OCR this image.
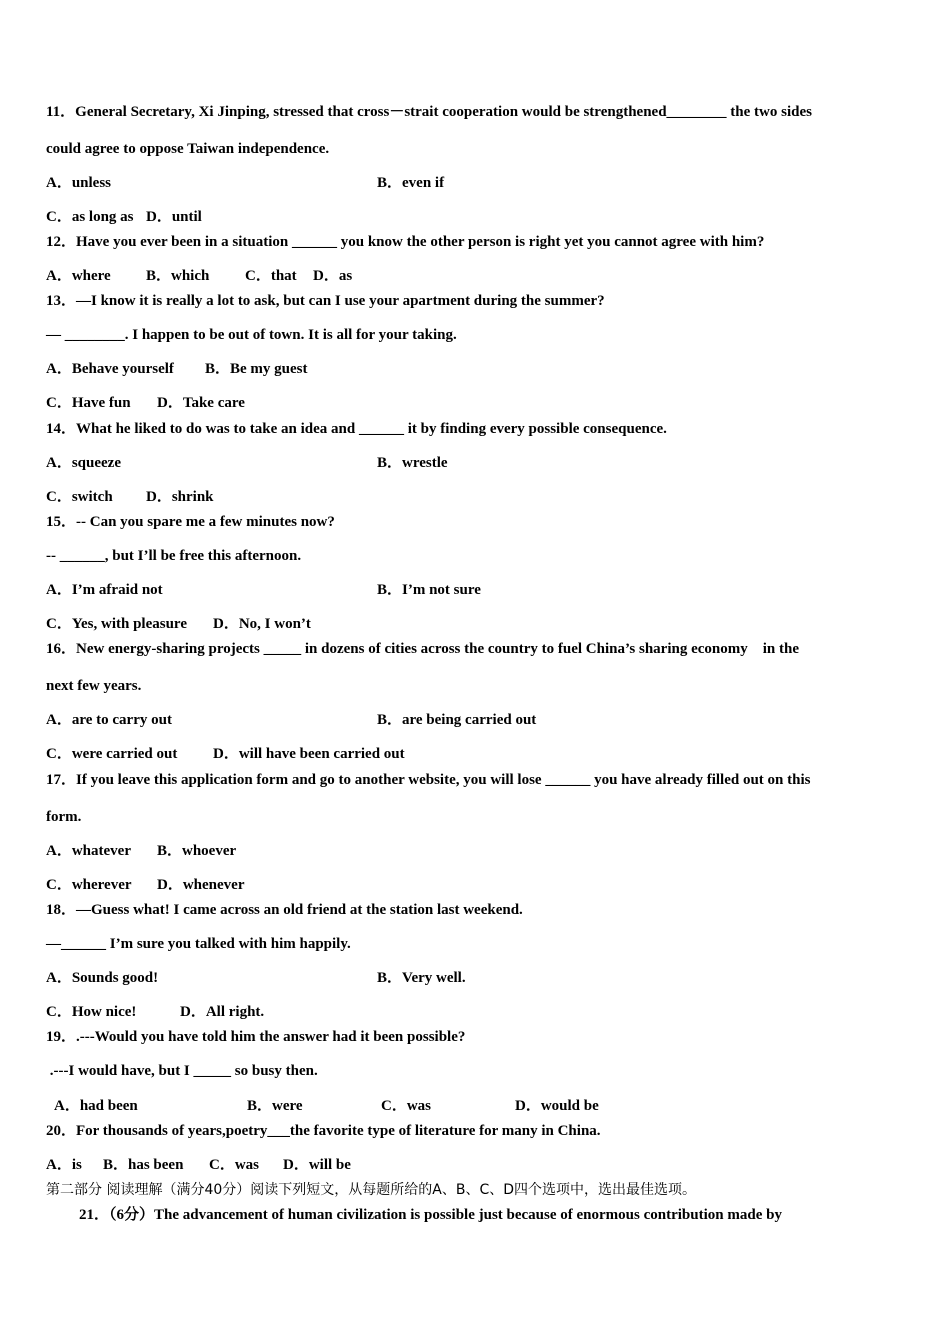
11．General Secretary, Xi Jinping, stressed that cross－strait cooperation would be strengthened________ the two sides
could agree to oppose Taiwan independence.
A．unless	B．even if
C．as long as D．until
12．Have you ever been in a situation ______ you know the other person is right yet you cannot agree with him?
A．where B．which C．that D．as
13．—I know it is really a lot to ask, but can I use your apartment during the summer?
— ________. I happen to be out of town. It is all for your taking.
A．Behave yourself B．Be my guest
C．Have fun D．Take care
14．What he liked to do was to take an idea and ______ it by finding every possible consequence.
A．squeeze	B．wrestle
C．switch D．shrink
15．-- Can you spare me a few minutes now?
-- ______, but I’ll be free this afternoon.
A．I’m afraid not	B．I’m not sure
C．Yes, with pleasure D．No, I won’t
16．New energy-sharing projects _____ in dozens of cities across the country to fuel China’s sharing economy    in the
next few years.
A．are to carry out	B．are being carried out
C．were carried out D．will have been carried out
17．If you leave this application form and go to another website, you will lose ______ you have already filled out on this
form.
A．whatever B．whoever
C．wherever D．whenever
18．—Guess what! I came across an old friend at the station last weekend.
—______ I’m sure you talked with him happily.
A．Sounds good!	B．Very well.
C．How nice!	D．All right.
19．.---Would you have told him the answer had it been possible?
.---I would have, but I _____ so busy then.
A．had been	B．were	C．was	D．would be
20．For thousands of years,poetry___the favorite type of literature for many in China.
A．is B．has been C．was D．will be
第二部分 阅读理解（满分40分）阅读下列短文，从每题所给的A、B、C、D四个选项中，选出最佳选项。
21．（6分）The advancement of human civilization is possible just because of enormous contribution made by
